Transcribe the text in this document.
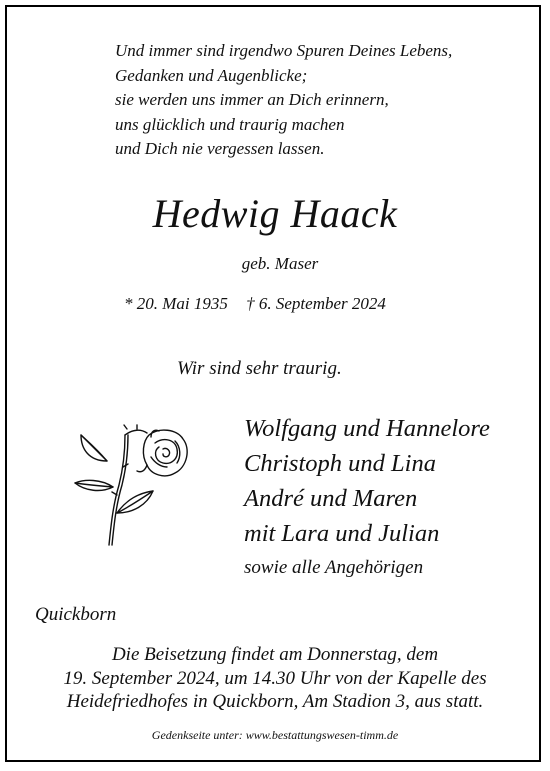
Und immer sind irgendwo Spuren Deines Lebens,
Gedanken und Augenblicke;
sie werden uns immer an Dich erinnern,
uns glücklich und traurig machen
und Dich nie vergessen lassen.
Hedwig Haack
geb. Maser
* 20. Mai 1935 † 6. September 2024
Wir sind sehr traurig.
Wolfgang und Hannelore
Christoph und Lina
André und Maren
mit Lara und Julian
sowie alle Angehörigen
Quickborn
Die Beisetzung findet am Donnerstag, dem
19. September 2024, um 14.30 Uhr von der Kapelle des
Heidefriedhofes in Quickborn, Am Stadion 3, aus statt.
Gedenkseite unter: www.bestattungswesen-timm.de
